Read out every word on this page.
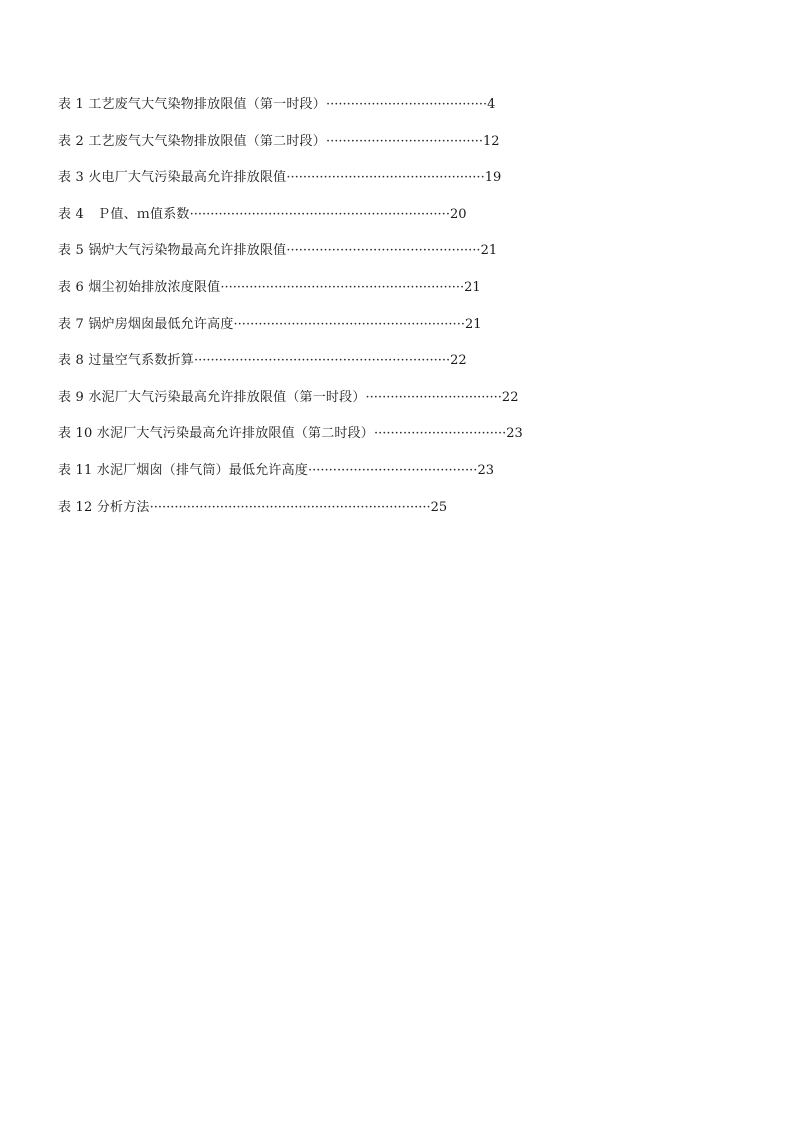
表 1 工艺废气大气染物排放限值（第一时段） ······································· 4
表 2 工艺废气大气染物排放限值（第二时段） ······································ 12
表 3 火电厂大气污染最高允许排放限值 ················································ 19
表 4　Ｐ值、ｍ值系数 ······························································· 20
表 5 锅炉大气污染物最高允许排放限值 ··············································· 21
表 6 烟尘初始排放浓度限值 ··························································· 21
表 7 锅炉房烟囱最低允许高度 ························································ 21
表 8 过量空气系数折算 ······························································ 22
表 9 水泥厂大气污染最高允许排放限值（第一时段） ································· 22
表 10 水泥厂大气污染最高允许排放限值（第二时段） ································ 23
表 11 水泥厂烟囱（排气筒）最低允许高度 ········································· 23
表 12 分析方法 ···································································· 25
